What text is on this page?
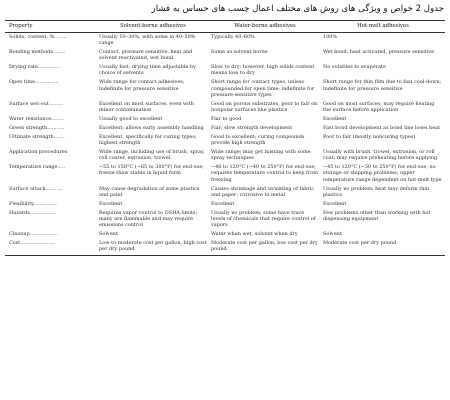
جدول 2 خواص و ویژگی های روش های مختلف اعمال چسب های حساس به فشار
Property	Solvent-borne adhesives	Water-borne adhesives	Hot-melt adhesives
Solids, content, %........	Usually 10–30%, with some in 40–50% range	Typically 40–60%	100%
Bonding methods........	Contact, pressure sensitive, heat and solvent reactivated, wet bond	Same as solvent borne	Wet bond, heat activated, pressure sensitive
Drying rate..............	Usually fast; drying time adjustable by choice of solvents	Slow to dry; however, high solids content means loss to dry	No volatiles to evaporate
Open time...............	Wide range for contact adhesives; indefinite for pressure sensitive	Short range for contact types, unless compounded for open time; indefinite for pressure-sensitive types	Short range for thin film due to fast cool-down; indefinite for pressure sensitive
Surface wet-out.........	Excellent on most surfaces, even with minor contamination	Good on porous substrates, poor to fair on nonpolar surfaces like plastics	Good on most surfaces; may require heating the surface before application
Water resistance........	Usually good to excellent	Fair to good	Excellent
Green strength...........	Excellent; allows early assembly handling	Fair; slow strength development	Fast bond development as bond line loses heat
Ultimate strength.......	Excellent, specifically for curing types; highest strength	Good to excellent; curing compounds provide high strength	Poor to fair (mostly noncuring types)
Application procedures	Wide range, including use of brush, spray, roll coater, extrusion, trowel	Wide range; may get misting with some spray techniques	Usually with brush, trowel, extrusion, or roll coat; may require preheating before applying
Temperature range.....	−55 to 150°C (−65 to 300°F) for end-use; freeze-thaw stable in liquid form	−40 to 120°C (−40 to 250°F) for end-use; requires temperature control to keep from freezing	−45 to 120°C (−50 to 250°F) for end-use; no storage or shipping problems; upper temperature range dependent on hot-melt type
Surface attack...........	May cause degradation of some plastics and paint	Causes shrinkage and wrinkling of fabric and paper; corrosive to metal	Usually no problem; heat may deform thin plastics
Flexibility...............	Excellent	Excellent	Excellent
Hazards.................	Requires vapor control to OSHA limits; many are flammable and may require emissions control	Usually no problem; some have trace levels of chemicals that require control of vapors	Few problems other than working with hot dispensing equipment
Cleanup..................	Solvent	Water when wet, solvent when dry	Solvent
Cost......................	Low-to-moderate cost per gallon, high cost per dry pound	Moderate cost per gallon, low cost per dry pound	Moderate cost per dry pound
